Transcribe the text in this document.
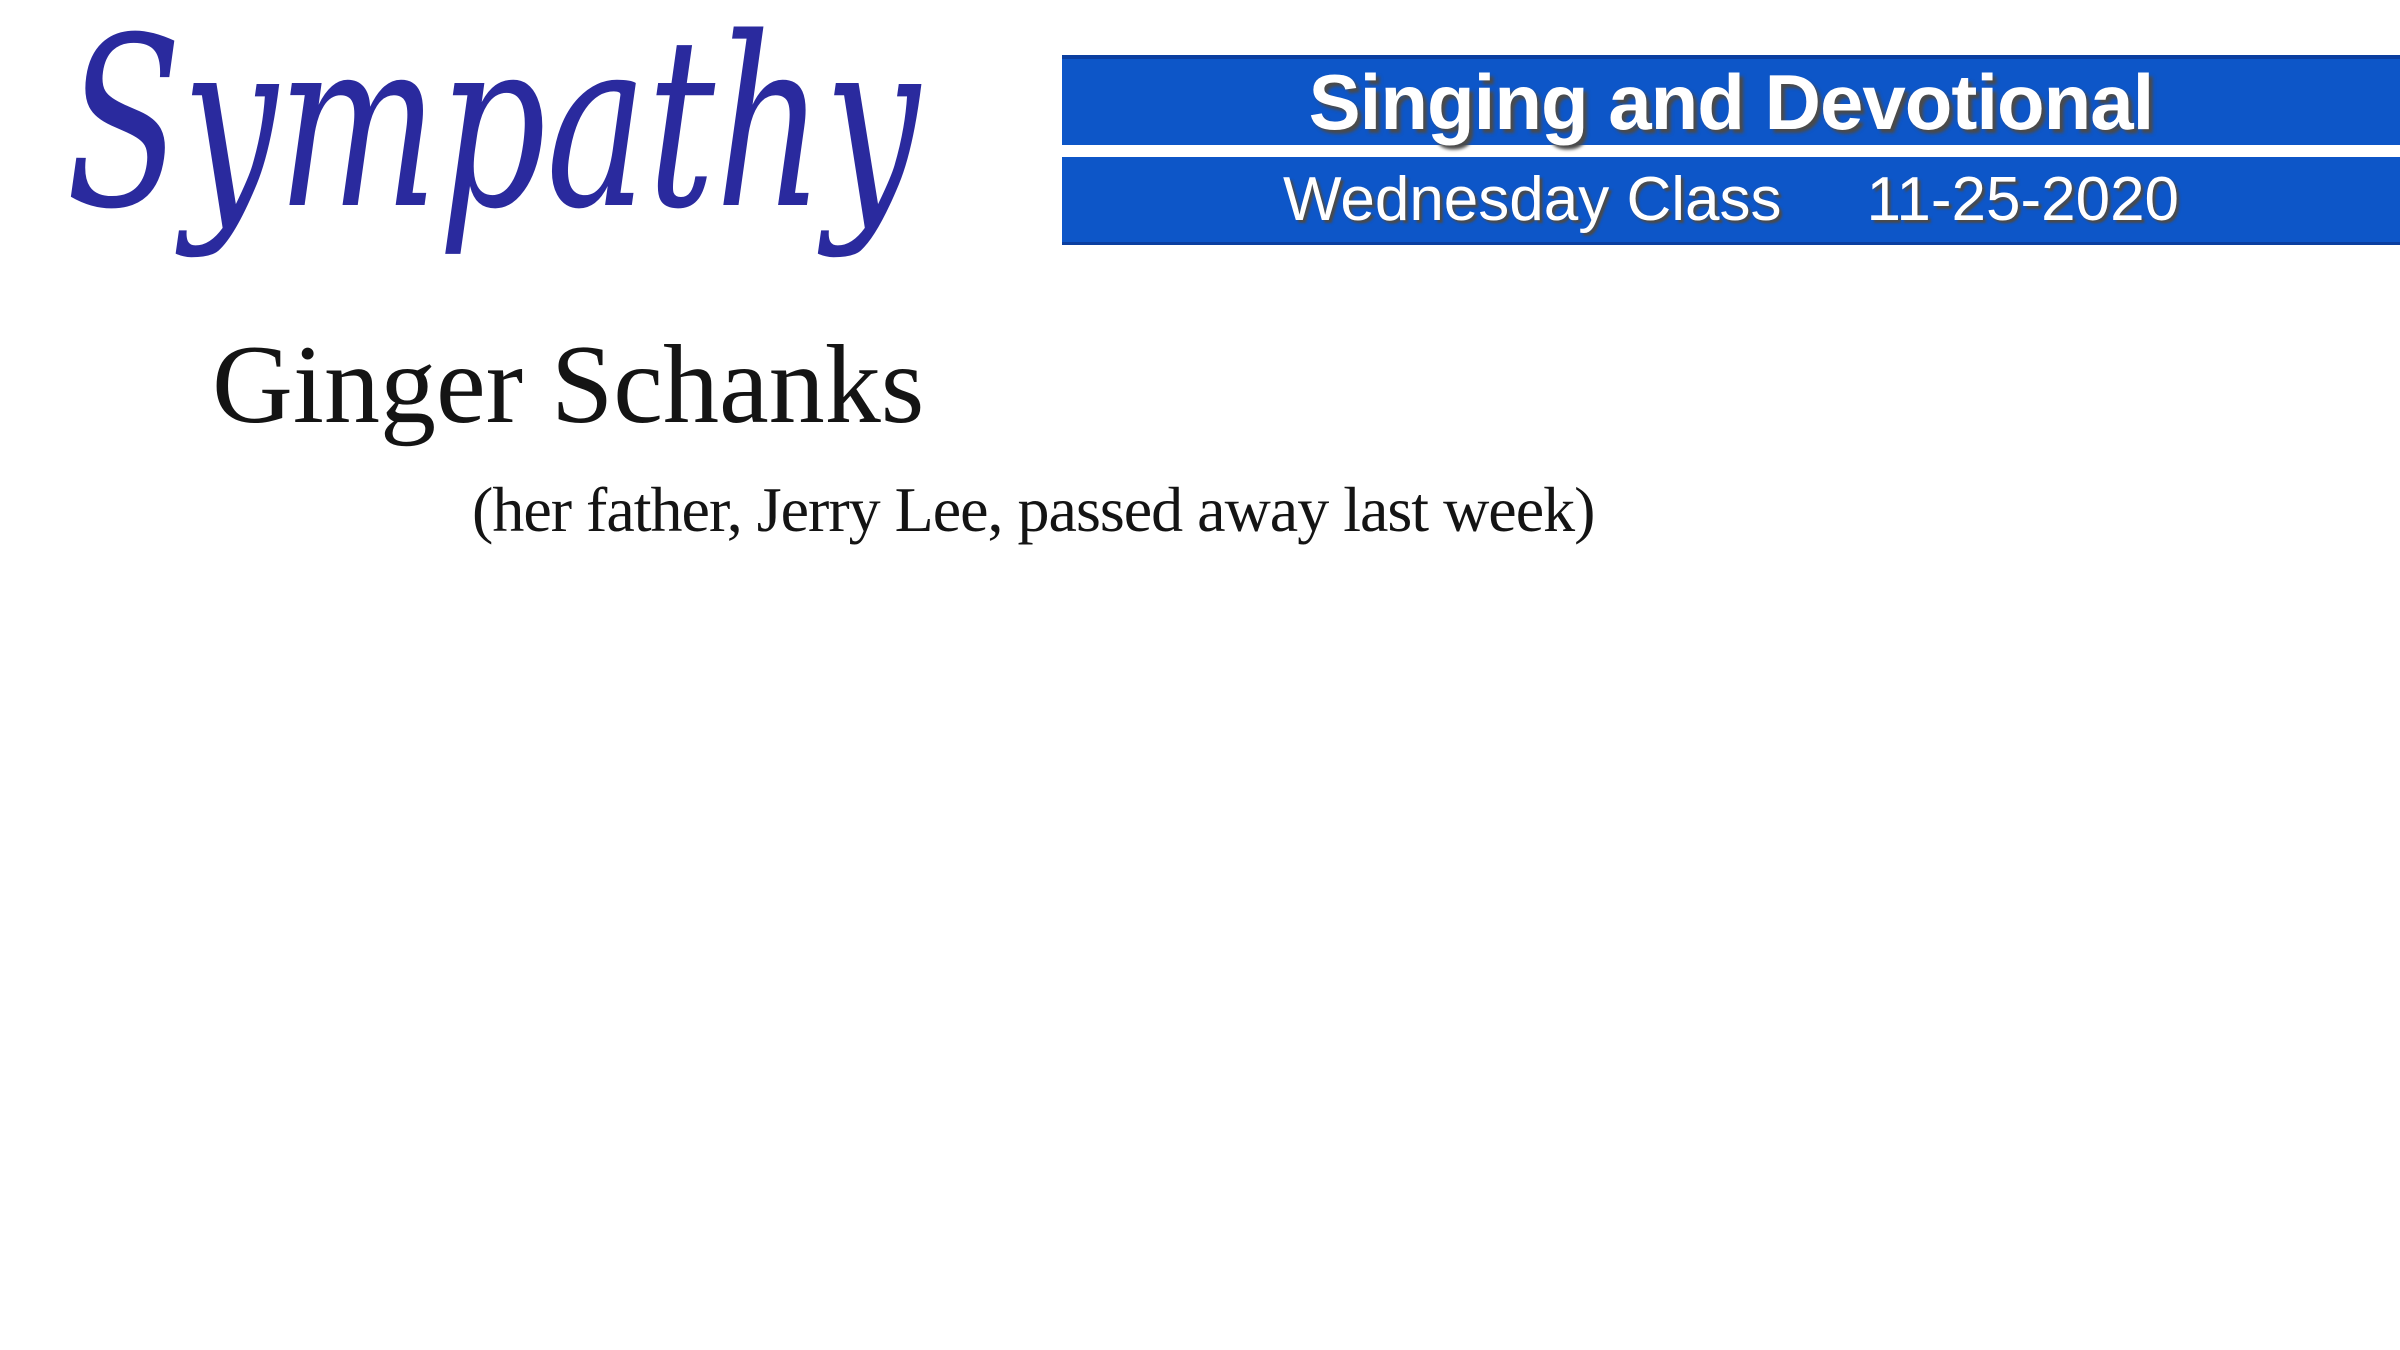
Sympathy	Singing and Devotional
Wednesday Class 11-25-2020
Ginger Schanks
(her father, Jerry Lee, passed away last week)
